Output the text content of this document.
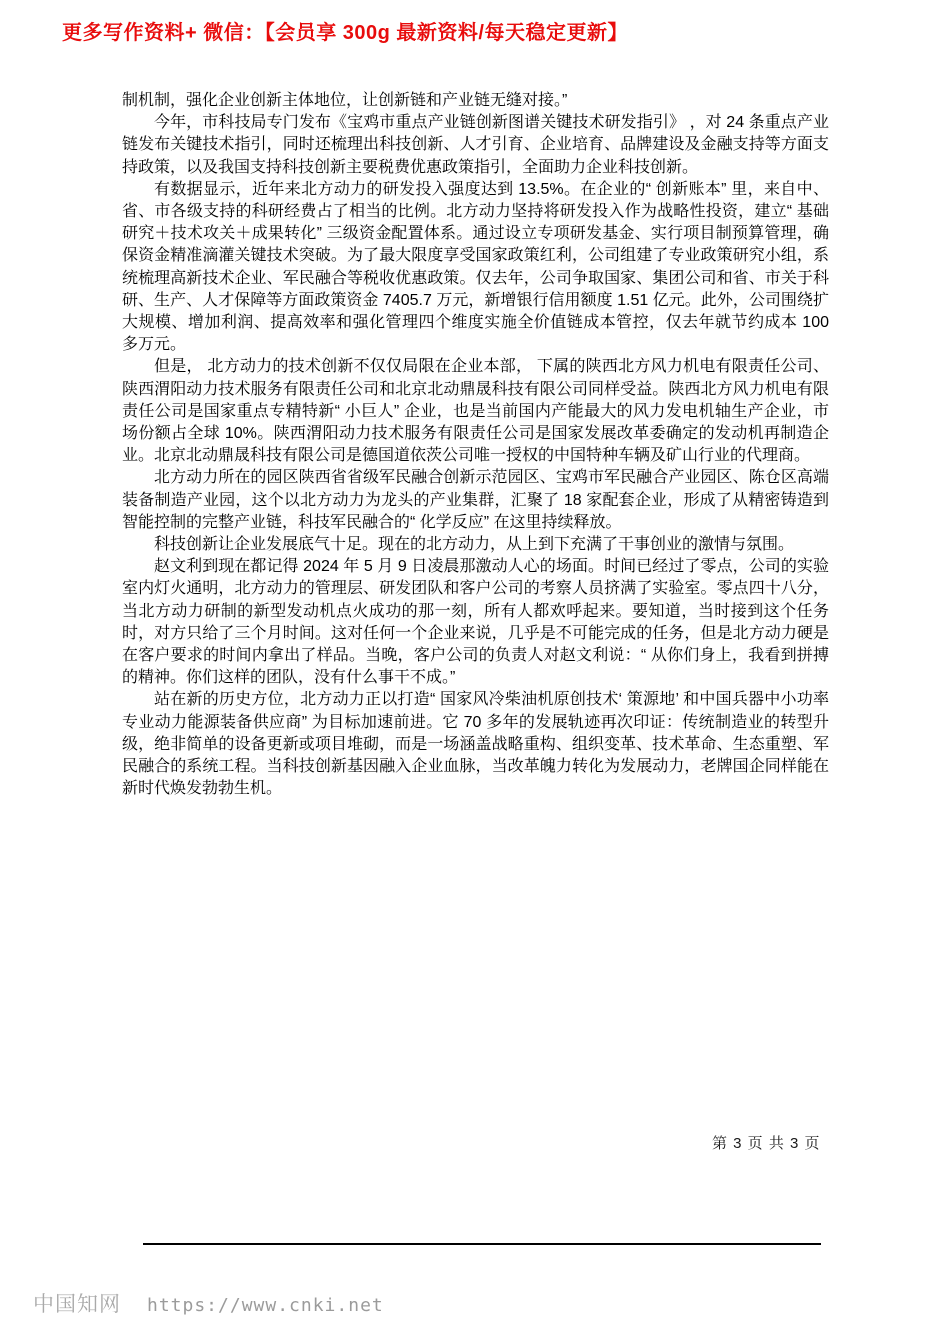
更多写作资料+ 微信：【会员享 300g 最新资料/每天稳定更新】

制机制，强化企业创新主体地位，让创新链和产业链无缝对接。”

今年，市科技局专门发布《宝鸡市重点产业链创新图谱关键技术研发指引》 ，对 24 条重点产业链发布关键技术指引，同时还梳理出科技创新、人才引育、企业培育、品牌建设及金融支持等方面支持政策，以及我国支持科技创新主要税费优惠政策指引，全面助力企业科技创新。

有数据显示，近年来北方动力的研发投入强度达到 13.5%。在企业的“ 创新账本” 里，来自中、省、市各级支持的科研经费占了相当的比例。北方动力坚持将研发投入作为战略性投资，建立“ 基础研究＋技术攻关＋成果转化” 三级资金配置体系。通过设立专项研发基金、实行项目制预算管理，确保资金精准滴灌关键技术突破。为了最大限度享受国家政策红利，公司组建了专业政策研究小组，系统梳理高新技术企业、军民融合等税收优惠政策。仅去年，公司争取国家、集团公司和省、市关于科研、生产、人才保障等方面政策资金 7405.7 万元，新增银行信用额度 1.51 亿元。此外，公司围绕扩大规模、增加利润、提高效率和强化管理四个维度实施全价值链成本管控，仅去年就节约成本 100 多万元。

但是， 北方动力的技术创新不仅仅局限在企业本部， 下属的陕西北方风力机电有限责任公司、陕西渭阳动力技术服务有限责任公司和北京北动鼎晟科技有限公司同样受益。陕西北方风力机电有限责任公司是国家重点专精特新“ 小巨人” 企业，也是当前国内产能最大的风力发电机轴生产企业，市场份额占全球 10%。陕西渭阳动力技术服务有限责任公司是国家发展改革委确定的发动机再制造企业。北京北动鼎晟科技有限公司是德国道依茨公司唯一授权的中国特种车辆及矿山行业的代理商。

北方动力所在的园区陕西省省级军民融合创新示范园区、宝鸡市军民融合产业园区、陈仓区高端装备制造产业园，这个以北方动力为龙头的产业集群，汇聚了 18 家配套企业，形成了从精密铸造到智能控制的完整产业链，科技军民融合的“ 化学反应” 在这里持续释放。

科技创新让企业发展底气十足。现在的北方动力，从上到下充满了干事创业的激情与氛围。

赵文利到现在都记得 2024 年 5 月 9 日凌晨那激动人心的场面。时间已经过了零点，公司的实验室内灯火通明，北方动力的管理层、研发团队和客户公司的考察人员挤满了实验室。零点四十八分，当北方动力研制的新型发动机点火成功的那一刻，所有人都欢呼起来。要知道，当时接到这个任务时，对方只给了三个月时间。这对任何一个企业来说，几乎是不可能完成的任务，但是北方动力硬是在客户要求的时间内拿出了样品。当晚，客户公司的负责人对赵文利说：“ 从你们身上，我看到拼搏的精神。你们这样的团队，没有什么事干不成。”

站在新的历史方位，北方动力正以打造“ 国家风冷柴油机原创技术‘ 策源地’ 和中国兵器中小功率专业动力能源装备供应商” 为目标加速前进。它 70 多年的发展轨迹再次印证：传统制造业的转型升级，绝非简单的设备更新或项目堆砌，而是一场涵盖战略重构、组织变革、技术革命、生态重塑、军民融合的系统工程。当科技创新基因融入企业血脉，当改革魄力转化为发展动力，老牌国企同样能在新时代焕发勃勃生机。

第 3 页 共 3 页
中国知网 https://www.cnki.net
